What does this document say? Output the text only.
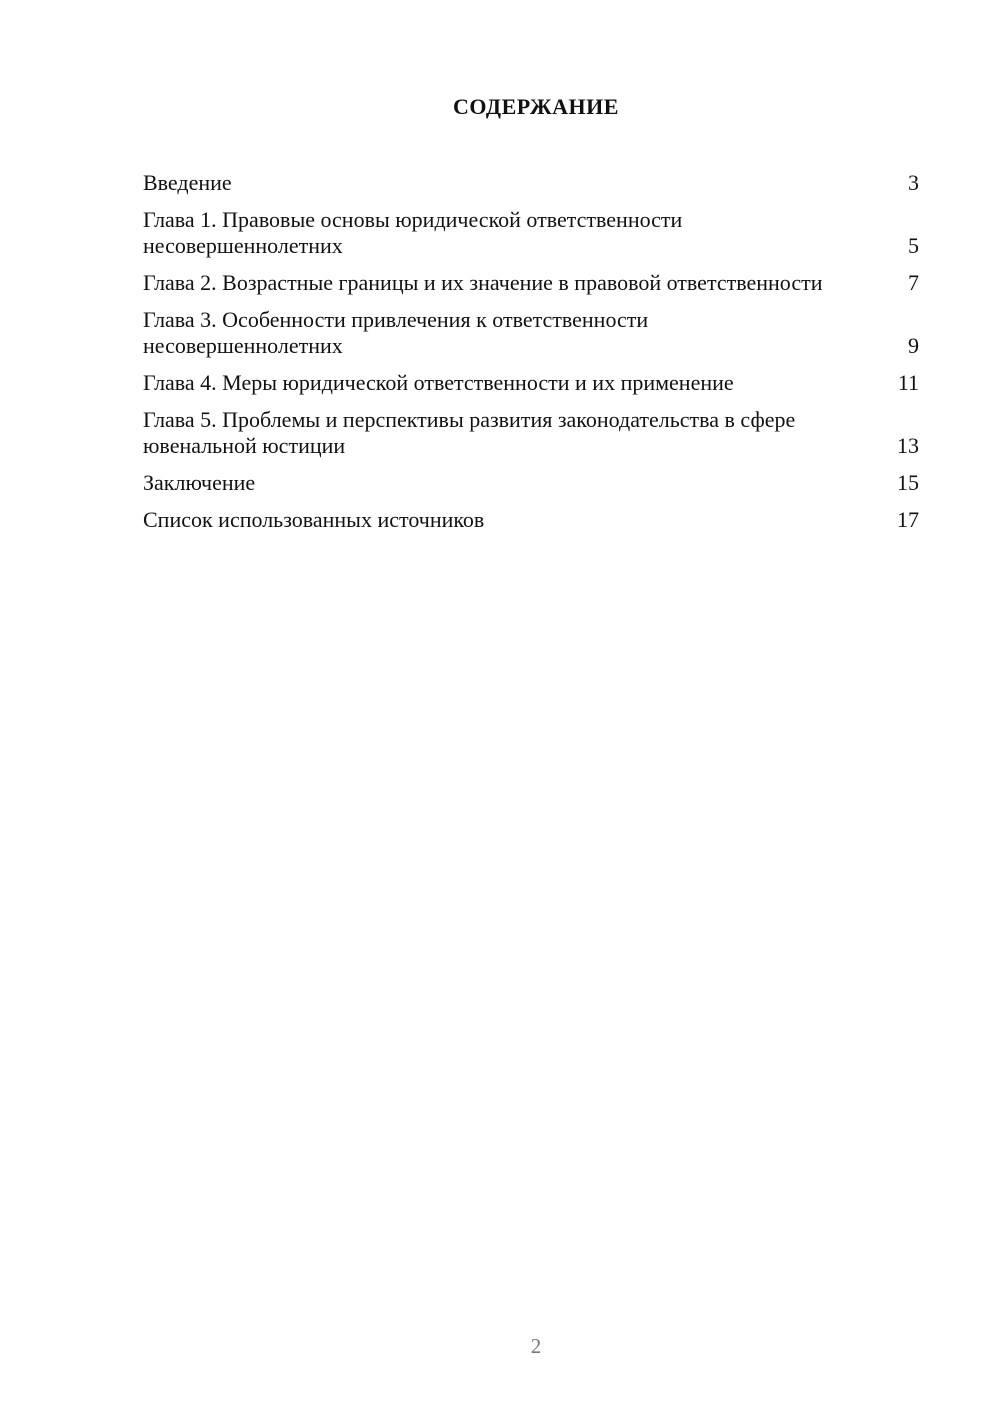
СОДЕРЖАНИЕ
Введение	3
Глава 1. Правовые основы юридической ответственности несовершеннолетних	5
Глава 2. Возрастные границы и их значение в правовой ответственности	7
Глава 3. Особенности привлечения к ответственности несовершеннолетних	9
Глава 4. Меры юридической ответственности и их применение	11
Глава 5. Проблемы и перспективы развития законодательства в сфере ювенальной юстиции	13
Заключение	15
Список использованных источников	17
2
